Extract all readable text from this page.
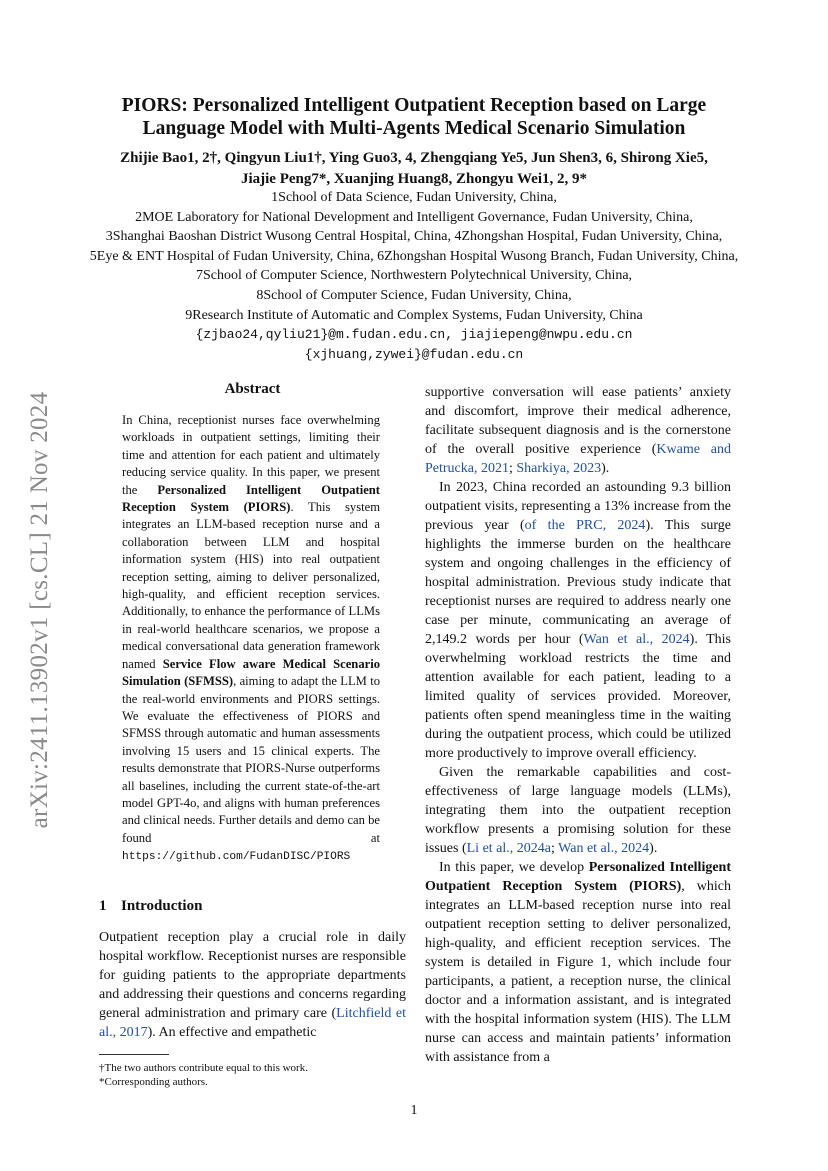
arXiv:2411.13902v1 [cs.CL] 21 Nov 2024
PIORS: Personalized Intelligent Outpatient Reception based on Large
Language Model with Multi-Agents Medical Scenario Simulation
Zhijie Bao1, 2†, Qingyun Liu1†, Ying Guo3, 4, Zhengqiang Ye5, Jun Shen3, 6, Shirong Xie5,
Jiajie Peng7*, Xuanjing Huang8, Zhongyu Wei1, 2, 9*
1School of Data Science, Fudan University, China,
2MOE Laboratory for National Development and Intelligent Governance, Fudan University, China,
3Shanghai Baoshan District Wusong Central Hospital, China, 4Zhongshan Hospital, Fudan University, China,
5Eye & ENT Hospital of Fudan University, China, 6Zhongshan Hospital Wusong Branch, Fudan University, China,
7School of Computer Science, Northwestern Polytechnical University, China,
8School of Computer Science, Fudan University, China,
9Research Institute of Automatic and Complex Systems, Fudan University, China
{zjbao24,qyliu21}@m.fudan.edu.cn, jiajiepeng@nwpu.edu.cn
{xjhuang,zywei}@fudan.edu.cn
Abstract
In China, receptionist nurses face overwhelming workloads in outpatient settings, limiting their time and attention for each patient and ultimately reducing service quality. In this paper, we present the Personalized Intelligent Outpatient Reception System (PIORS). This system integrates an LLM-based reception nurse and a collaboration between LLM and hospital information system (HIS) into real outpatient reception setting, aiming to deliver personalized, high-quality, and efficient reception services. Additionally, to enhance the performance of LLMs in real-world healthcare scenarios, we propose a medical conversational data generation framework named Service Flow aware Medical Scenario Simulation (SFMSS), aiming to adapt the LLM to the real-world environments and PIORS settings. We evaluate the effectiveness of PIORS and SFMSS through automatic and human assessments involving 15 users and 15 clinical experts. The results demonstrate that PIORS-Nurse outperforms all baselines, including the current state-of-the-art model GPT-4o, and aligns with human preferences and clinical needs. Further details and demo can be found at https://github.com/FudanDISC/PIORS
1 Introduction

Outpatient reception play a crucial role in daily hospital workflow. Receptionist nurses are responsible for guiding patients to the appropriate departments and addressing their questions and concerns regarding general administration and primary care (Litchfield et al., 2017). An effective and empathetic

†The two authors contribute equal to this work.
*Corresponding authors.

supportive conversation will ease patients’ anxiety and discomfort, improve their medical adherence, facilitate subsequent diagnosis and is the cornerstone of the overall positive experience (Kwame and Petrucka, 2021; Sharkiya, 2023).

In 2023, China recorded an astounding 9.3 billion outpatient visits, representing a 13% increase from the previous year (of the PRC, 2024). This surge highlights the immerse burden on the healthcare system and ongoing challenges in the efficiency of hospital administration. Previous study indicate that receptionist nurses are required to address nearly one case per minute, communicating an average of 2,149.2 words per hour (Wan et al., 2024). This overwhelming workload restricts the time and attention available for each patient, leading to a limited quality of services provided. Moreover, patients often spend meaningless time in the waiting during the outpatient process, which could be utilized more productively to improve overall efficiency.

Given the remarkable capabilities and cost-effectiveness of large language models (LLMs), integrating them into the outpatient reception workflow presents a promising solution for these issues (Li et al., 2024a; Wan et al., 2024).

In this paper, we develop Personalized Intelligent Outpatient Reception System (PIORS), which integrates an LLM-based reception nurse into real outpatient reception setting to deliver personalized, high-quality, and efficient reception services. The system is detailed in Figure 1, which include four participants, a patient, a reception nurse, the clinical doctor and a information assistant, and is integrated with the hospital information system (HIS). The LLM nurse can access and maintain patients’ information with assistance from a

1
